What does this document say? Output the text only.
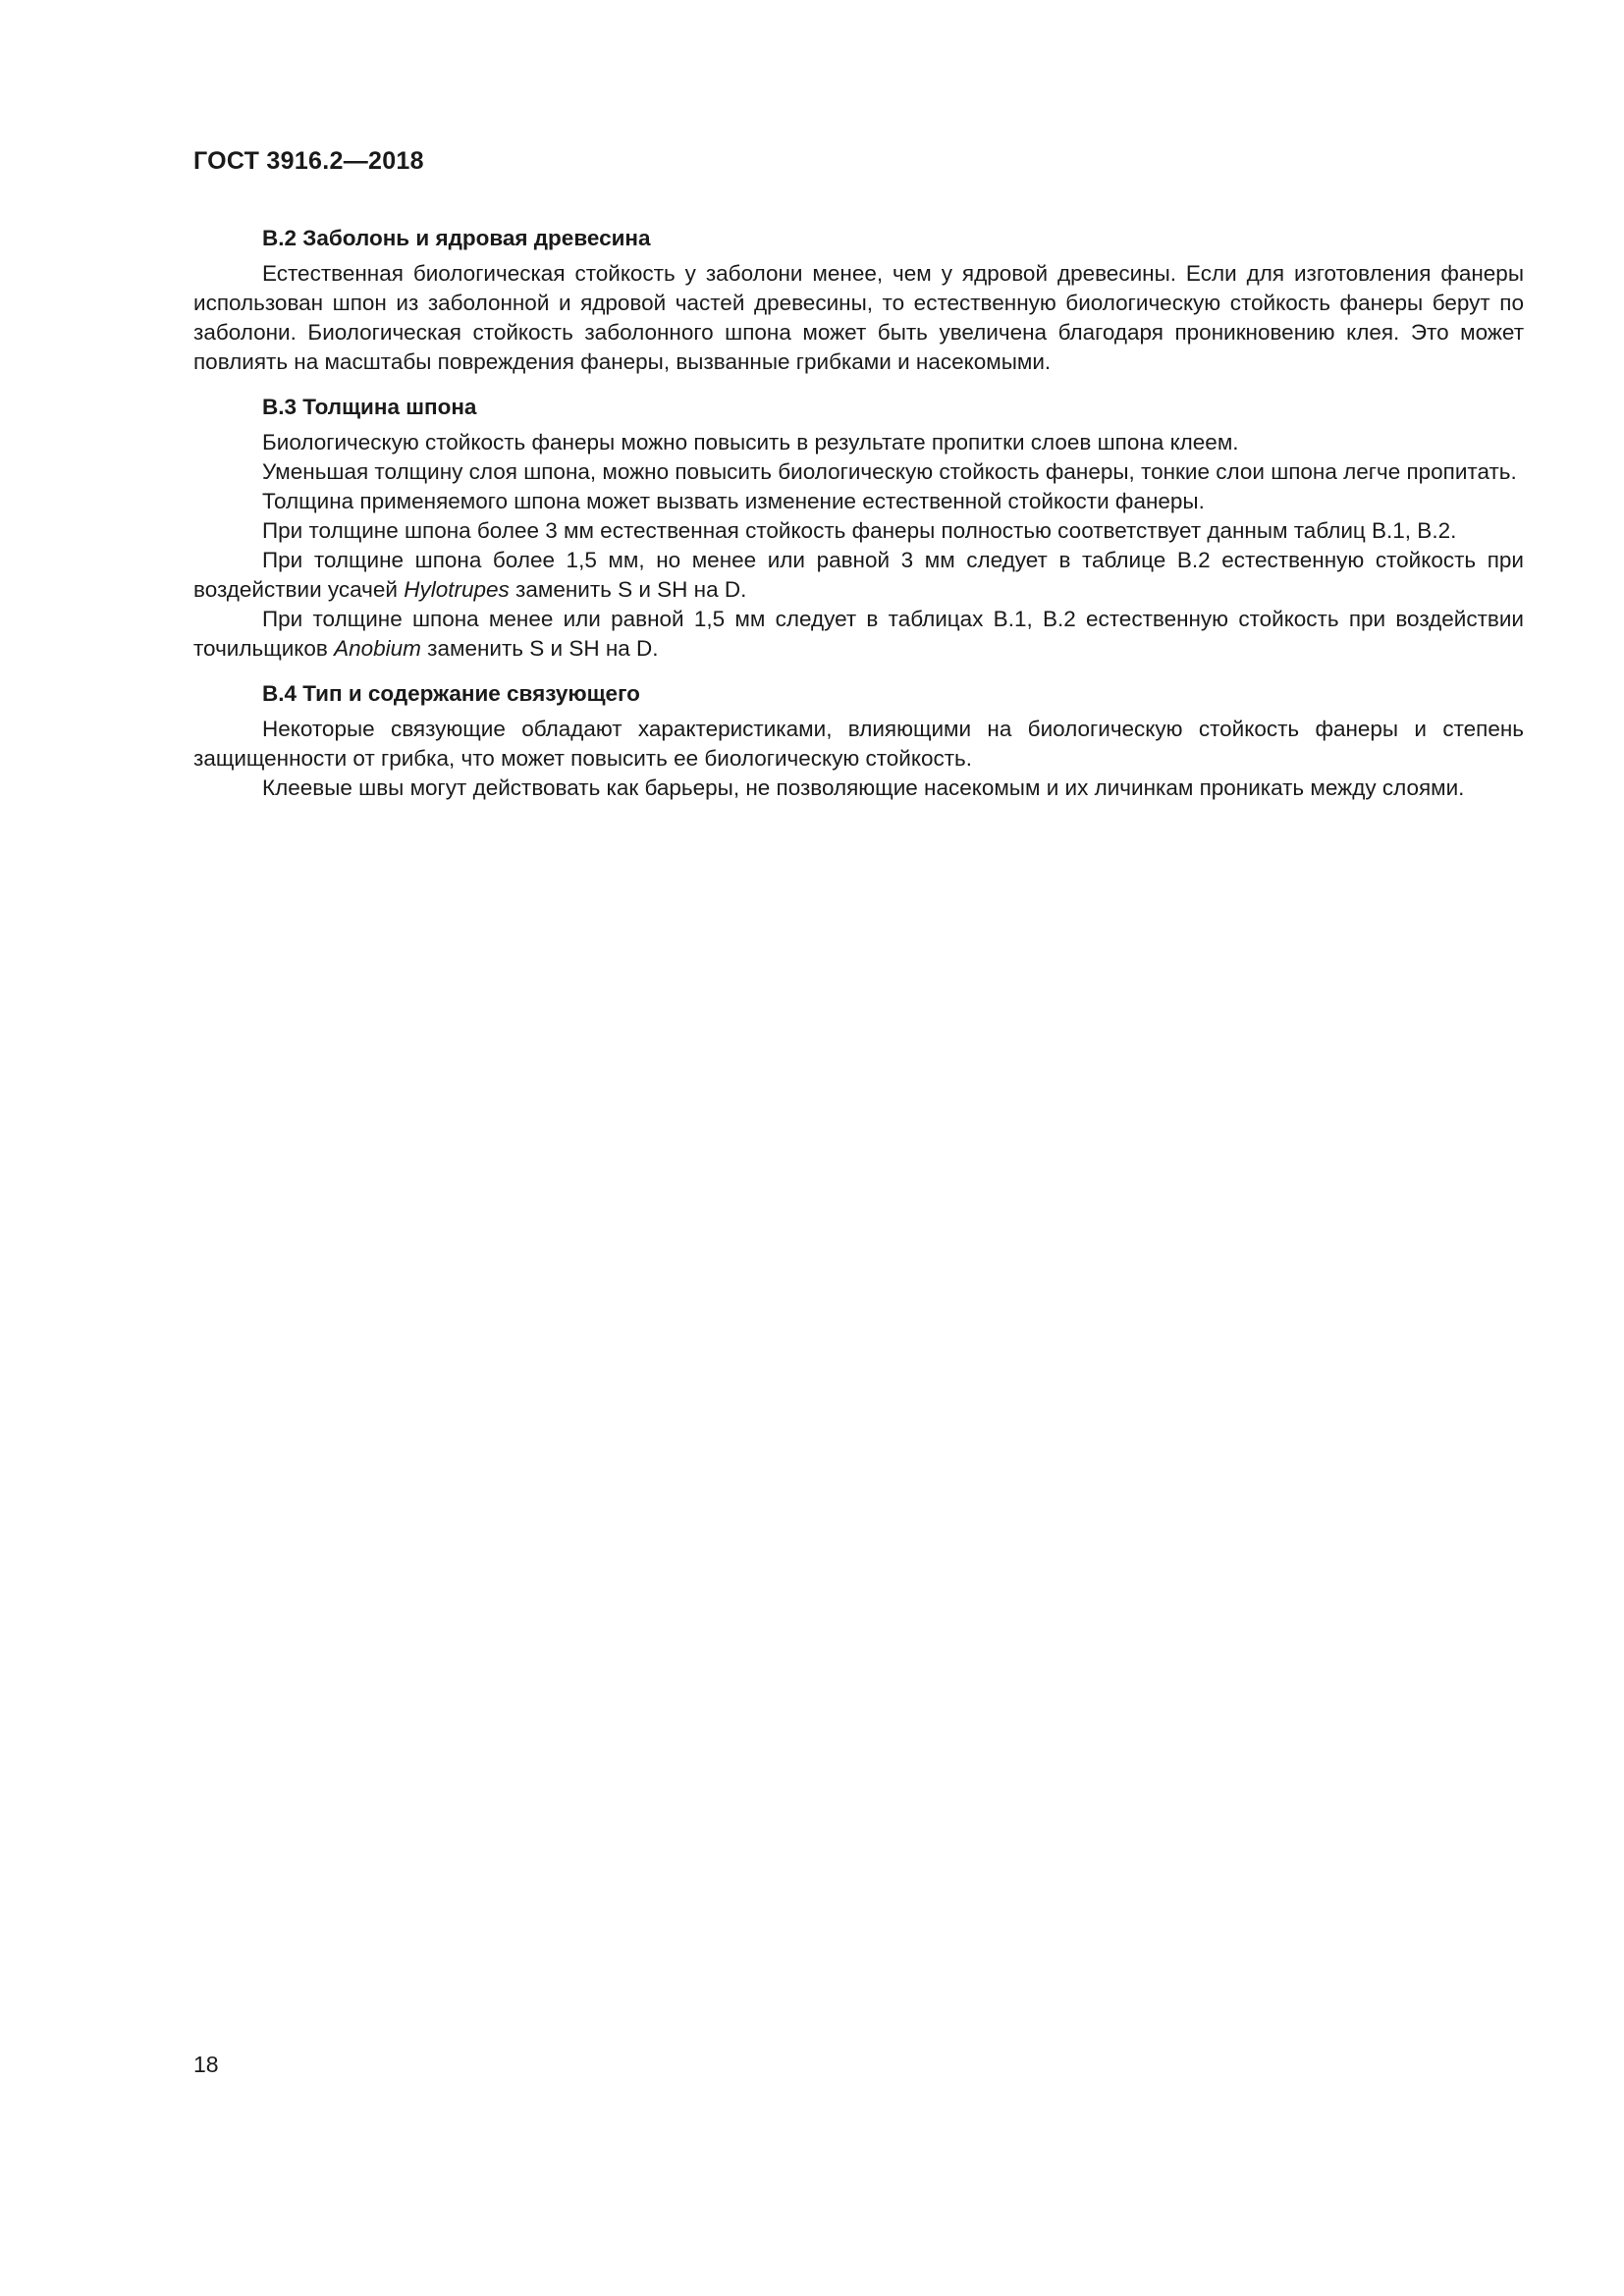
ГОСТ 3916.2—2018
В.2 Заболонь и ядровая древесина

Естественная биологическая стойкость у заболони менее, чем у ядровой древесины. Если для изготовления фанеры использован шпон из заболонной и ядровой частей древесины, то естественную биологическую стойкость фанеры берут по заболони. Биологическая стойкость заболонного шпона может быть увеличена благодаря проникновению клея. Это может повлиять на масштабы повреждения фанеры, вызванные грибками и насекомыми.

В.3 Толщина шпона

Биологическую стойкость фанеры можно повысить в результате пропитки слоев шпона клеем.

Уменьшая толщину слоя шпона, можно повысить биологическую стойкость фанеры, тонкие слои шпона легче пропитать.

Толщина применяемого шпона может вызвать изменение естественной стойкости фанеры.

При толщине шпона более 3 мм естественная стойкость фанеры полностью соответствует данным таблиц В.1, В.2.

При толщине шпона более 1,5 мм, но менее или равной 3 мм следует в таблице В.2 естественную стойкость при воздействии усачей Hylotrupes заменить S и SH на D.

При толщине шпона менее или равной 1,5 мм следует в таблицах В.1, В.2 естественную стойкость при воздействии точильщиков Anobium заменить S и SH на D.

В.4 Тип и содержание связующего

Некоторые связующие обладают характеристиками, влияющими на биологическую стойкость фанеры и степень защищенности от грибка, что может повысить ее биологическую стойкость.

Клеевые швы могут действовать как барьеры, не позволяющие насекомым и их личинкам проникать между слоями.

18
